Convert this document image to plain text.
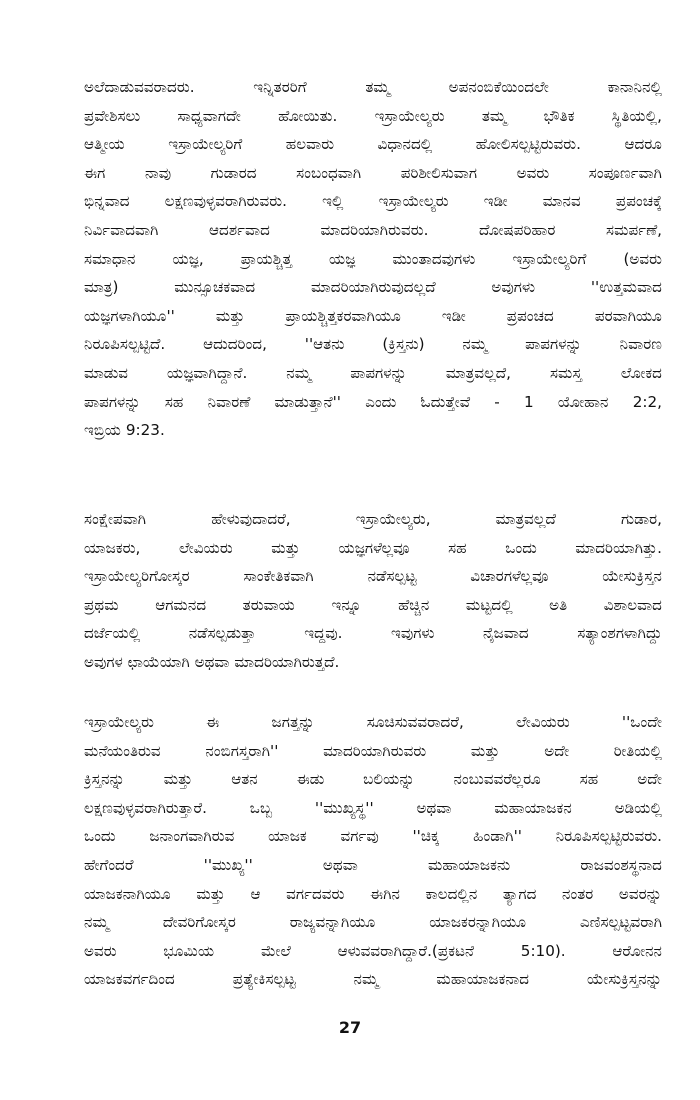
ಅಲೆದಾಡುವವರಾದರು. ಇನ್ನಿತರರಿಗೆ ತಮ್ಮ ಅಪನಂಬಿಕೆಯಿಂದಲೇ ಕಾನಾನಿನಲ್ಲಿ
ಪ್ರವೇಶಿಸಲು ಸಾಧ್ಯವಾಗದೇ ಹೋಯಿತು. ಇಸ್ರಾಯೇಲ್ಯರು ತಮ್ಮ ಭೌತಿಕ ಸ್ಥಿತಿಯಲ್ಲಿ,
ಆತ್ಮೀಯ ಇಸ್ರಾಯೇಲ್ಯರಿಗೆ ಹಲವಾರು ವಿಧಾನದಲ್ಲಿ ಹೋಲಿಸಲ್ಪಟ್ಟಿರುವರು. ಆದರೂ
ಈಗ ನಾವು ಗುಡಾರದ ಸಂಬಂಧವಾಗಿ ಪರಿಶೀಲಿಸುವಾಗ ಅವರು ಸಂಪೂರ್ಣವಾಗಿ
ಭಿನ್ನವಾದ ಲಕ್ಷಣವುಳ್ಳವರಾಗಿರುವರು. ಇಲ್ಲಿ ಇಸ್ರಾಯೇಲ್ಯರು ಇಡೀ ಮಾನವ ಪ್ರಪಂಚಕ್ಕೆ
ನಿರ್ವಿವಾದವಾಗಿ ಆದರ್ಶವಾದ ಮಾದರಿಯಾಗಿರುವರು. ದೋಷಪರಿಹಾರ ಸಮರ್ಪಣೆ,
ಸಮಾಧಾನ ಯಜ್ಞ, ಪ್ರಾಯಶ್ಚಿತ್ತ ಯಜ್ಞ ಮುಂತಾದವುಗಳು ಇಸ್ರಾಯೇಲ್ಯರಿಗೆ (ಅವರು
ಮಾತ್ರ) ಮುನ್ಸೂಚಕವಾದ ಮಾದರಿಯಾಗಿರುವುದಲ್ಲದೆ ಅವುಗಳು ''ಉತ್ತಮವಾದ
ಯಜ್ಞಗಳಾಗಿಯೂ'' ಮತ್ತು ಪ್ರಾಯಶ್ಚಿತ್ತಕರವಾಗಿಯೂ ಇಡೀ ಪ್ರಪಂಚದ ಪರವಾಗಿಯೂ
ನಿರೂಪಿಸಲ್ಪಟ್ಟಿದೆ. ಆದುದರಿಂದ, ''ಆತನು (ಕ್ರಿಸ್ತನು) ನಮ್ಮ ಪಾಪಗಳನ್ನು ನಿವಾರಣ
ಮಾಡುವ ಯಜ್ಞವಾಗಿದ್ದಾನೆ. ನಮ್ಮ ಪಾಪಗಳನ್ನು ಮಾತ್ರವಲ್ಲದೆ, ಸಮಸ್ತ ಲೋಕದ
ಪಾಪಗಳನ್ನು ಸಹ ನಿವಾರಣೆ ಮಾಡುತ್ತಾನೆ'' ಎಂದು ಓದುತ್ತೇವೆ - 1 ಯೋಹಾನ 2:2,
ಇಬ್ರಿಯ 9:23.
ಸಂಕ್ಷೇಪವಾಗಿ ಹೇಳುವುದಾದರೆ, ಇಸ್ರಾಯೇಲ್ಯರು, ಮಾತ್ರವಲ್ಲದೆ ಗುಡಾರ,
ಯಾಜಕರು, ಲೇವಿಯರು ಮತ್ತು ಯಜ್ಞಗಳೆಲ್ಲವೂ ಸಹ ಒಂದು ಮಾದರಿಯಾಗಿತ್ತು.
ಇಸ್ರಾಯೇಲ್ಯರಿಗೋಸ್ಕರ ಸಾಂಕೇತಿಕವಾಗಿ ನಡೆಸಲ್ಪಟ್ಟ ವಿಚಾರಗಳೆಲ್ಲವೂ ಯೇಸುಕ್ರಿಸ್ತನ
ಪ್ರಥಮ ಆಗಮನದ ತರುವಾಯ ಇನ್ನೂ ಹೆಚ್ಚಿನ ಮಟ್ಟದಲ್ಲಿ ಅತಿ ವಿಶಾಲವಾದ
ದರ್ಜೆಯಲ್ಲಿ ನಡೆಸಲ್ಪಡುತ್ತಾ ಇದ್ದವು. ಇವುಗಳು ನೈಜವಾದ ಸತ್ಯಾಂಶಗಳಾಗಿದ್ದು
ಅವುಗಳ ಛಾಯೆಯಾಗಿ ಅಥವಾ ಮಾದರಿಯಾಗಿರುತ್ತದೆ.
ಇಸ್ರಾಯೇಲ್ಯರು ಈ ಜಗತ್ತನ್ನು ಸೂಚಿಸುವವರಾದರೆ, ಲೇವಿಯರು ''ಒಂದೇ
ಮನೆಯಂತಿರುವ ನಂಬಿಗಸ್ತರಾಗಿ'' ಮಾದರಿಯಾಗಿರುವರು ಮತ್ತು ಅದೇ ರೀತಿಯಲ್ಲಿ
ಕ್ರಿಸ್ತನನ್ನು ಮತ್ತು ಆತನ ಈಡು ಬಲಿಯನ್ನು ನಂಬುವವರೆಲ್ಲರೂ ಸಹ ಅದೇ
ಲಕ್ಷಣವುಳ್ಳವರಾಗಿರುತ್ತಾರೆ. ಒಬ್ಬ ''ಮುಖ್ಯಸ್ಥ'' ಅಥವಾ ಮಹಾಯಾಜಕನ ಅಡಿಯಲ್ಲಿ
ಒಂದು ಜನಾಂಗವಾಗಿರುವ ಯಾಜಕ ವರ್ಗವು ''ಚಿಕ್ಕ ಹಿಂಡಾಗಿ'' ನಿರೂಪಿಸಲ್ಪಟ್ಟಿರುವರು.
ಹೇಗೆಂದರೆ ''ಮುಖ್ಯ'' ಅಥವಾ ಮಹಾಯಾಜಕನು ರಾಜವಂಶಸ್ಥನಾದ
ಯಾಜಕನಾಗಿಯೂ ಮತ್ತು ಆ ವರ್ಗದವರು ಈಗಿನ ಕಾಲದಲ್ಲಿನ ತ್ಯಾಗದ ನಂತರ ಅವರನ್ನು
ನಮ್ಮ ದೇವರಿಗೋಸ್ಕರ ರಾಜ್ಯವನ್ನಾಗಿಯೂ ಯಾಜಕರನ್ನಾಗಿಯೂ ಎಣಿಸಲ್ಪಟ್ಟವರಾಗಿ
ಅವರು ಭೂಮಿಯ ಮೇಲೆ ಆಳುವವರಾಗಿದ್ದಾರೆ.(ಪ್ರಕಟನೆ 5:10). ಆರೋನನ
ಯಾಜಕವರ್ಗದಿಂದ ಪ್ರತ್ಯೇಕಿಸಲ್ಪಟ್ಟ ನಮ್ಮ ಮಹಾಯಾಜಕನಾದ ಯೇಸುಕ್ರಿಸ್ತನನ್ನು
27
